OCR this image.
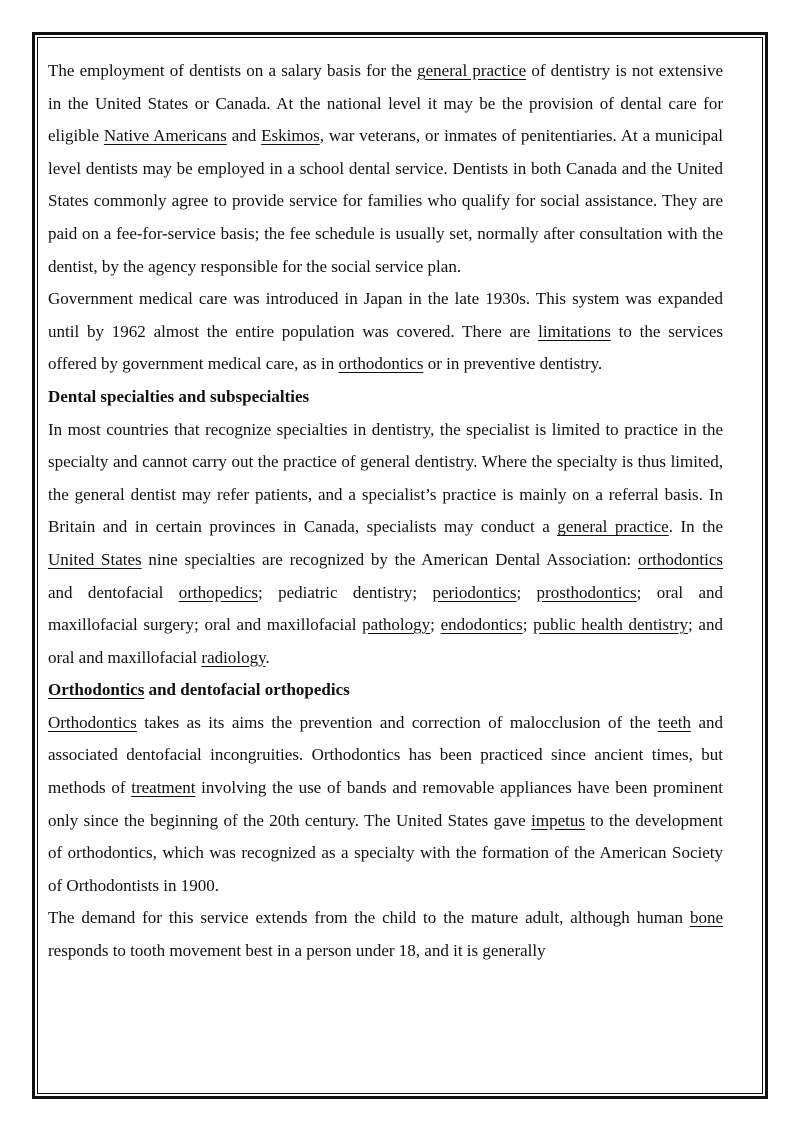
The employment of dentists on a salary basis for the general practice of dentistry is not extensive in the United States or Canada. At the national level it may be the provision of dental care for eligible Native Americans and Eskimos, war veterans, or inmates of penitentiaries. At a municipal level dentists may be employed in a school dental service. Dentists in both Canada and the United States commonly agree to provide service for families who qualify for social assistance. They are paid on a fee-for-service basis; the fee schedule is usually set, normally after consultation with the dentist, by the agency responsible for the social service plan.

Government medical care was introduced in Japan in the late 1930s. This system was expanded until by 1962 almost the entire population was covered. There are limitations to the services offered by government medical care, as in orthodontics or in preventive dentistry.

Dental specialties and subspecialties

In most countries that recognize specialties in dentistry, the specialist is limited to practice in the specialty and cannot carry out the practice of general dentistry. Where the specialty is thus limited, the general dentist may refer patients, and a specialist’s practice is mainly on a referral basis. In Britain and in certain provinces in Canada, specialists may conduct a general practice. In the United States nine specialties are recognized by the American Dental Association: orthodontics and dentofacial orthopedics; pediatric dentistry; periodontics; prosthodontics; oral and maxillofacial surgery; oral and maxillofacial pathology; endodontics; public health dentistry; and oral and maxillofacial radiology.

Orthodontics and dentofacial orthopedics

Orthodontics takes as its aims the prevention and correction of malocclusion of the teeth and associated dentofacial incongruities. Orthodontics has been practiced since ancient times, but methods of treatment involving the use of bands and removable appliances have been prominent only since the beginning of the 20th century. The United States gave impetus to the development of orthodontics, which was recognized as a specialty with the formation of the American Society of Orthodontists in 1900.

The demand for this service extends from the child to the mature adult, although human bone responds to tooth movement best in a person under 18, and it is generally
